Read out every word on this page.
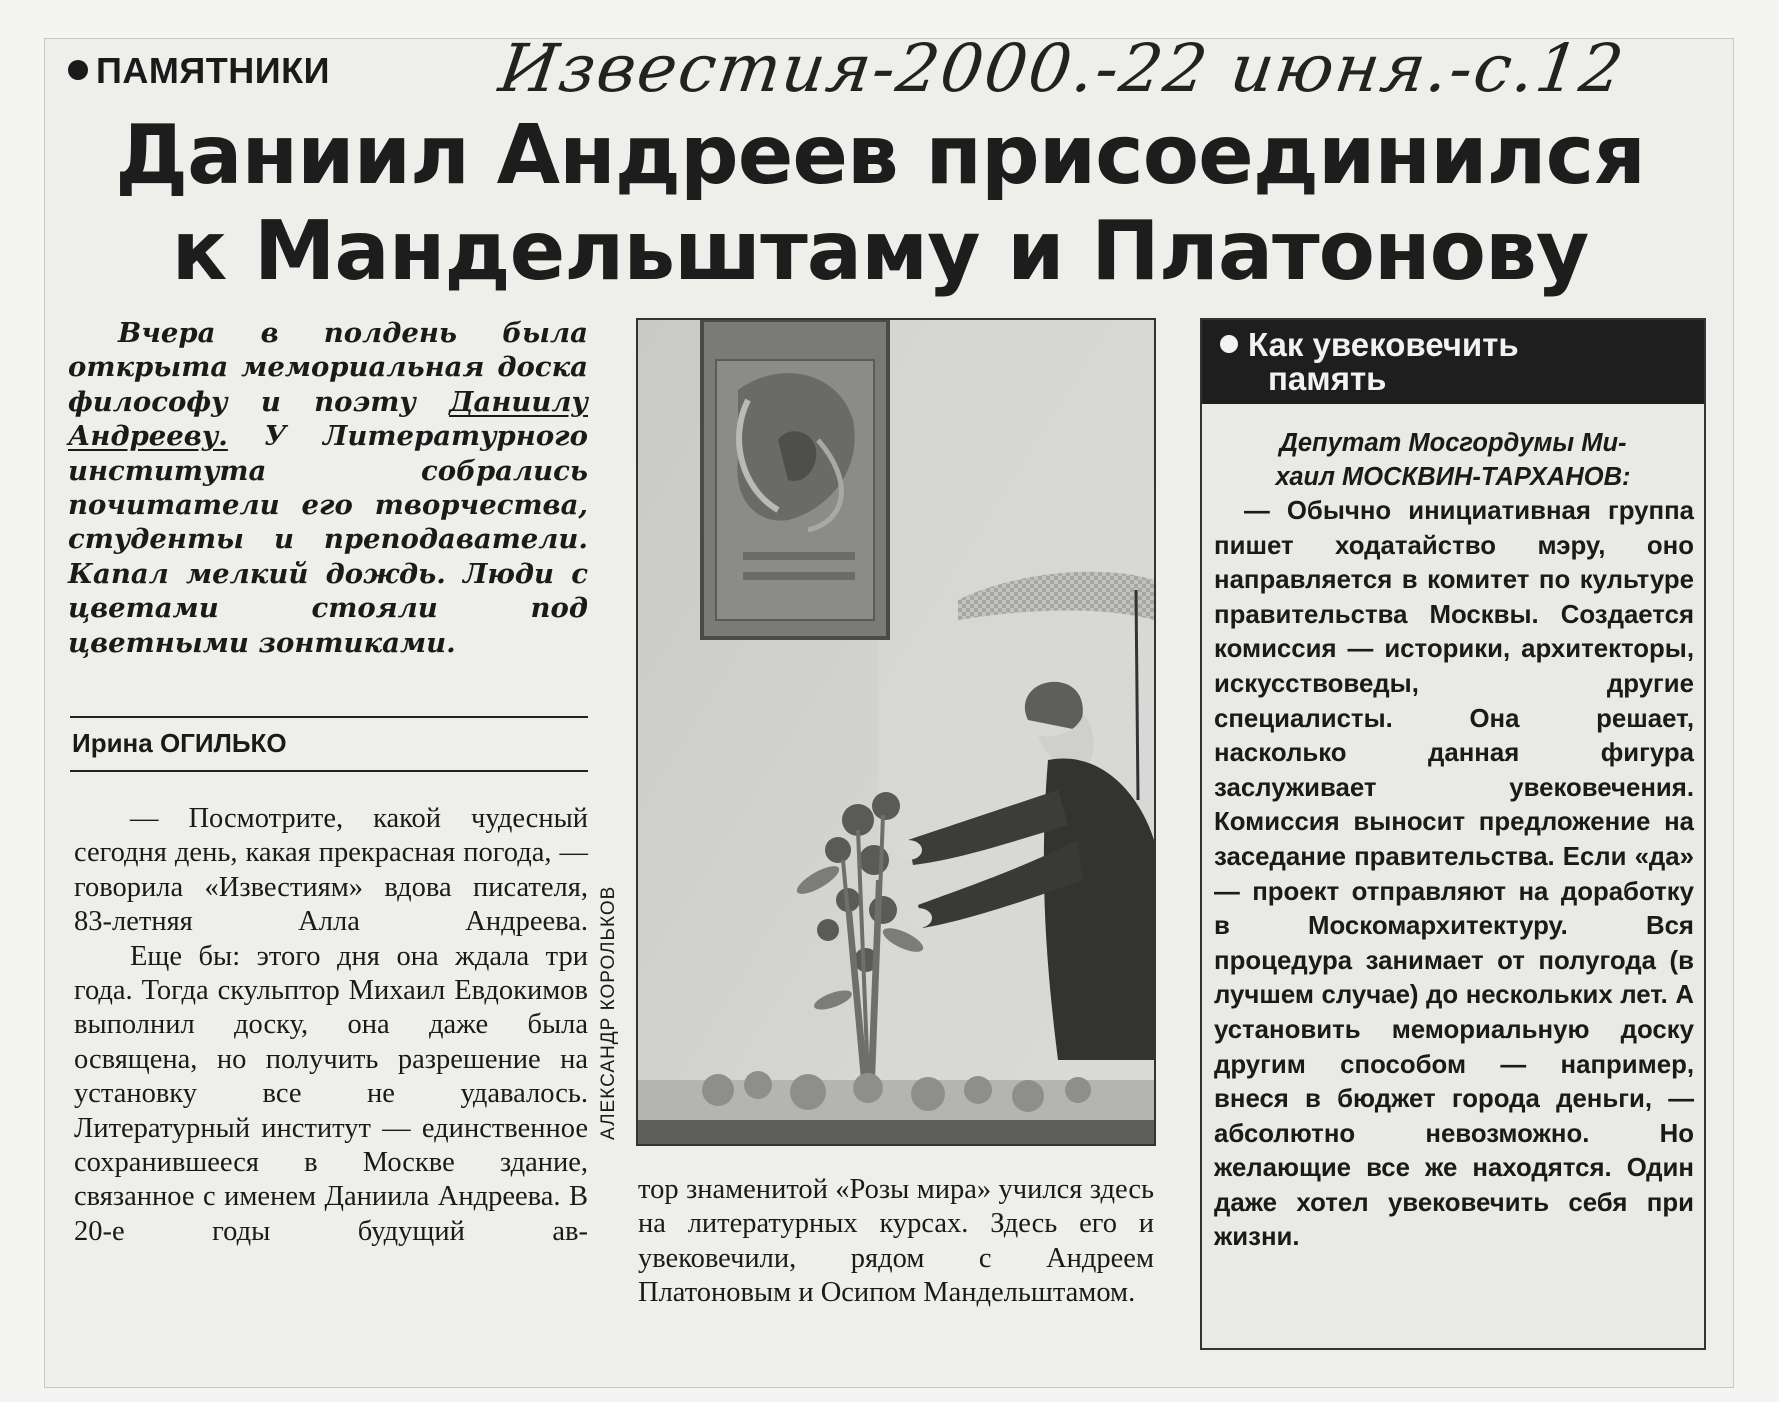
ПАМЯТНИКИ Известия-2000.-22 июня.-с.12
Даниил Андреев присоединился
к Мандельштаму и Платонову
Вчера в полдень была открыта мемориальная доска философу и поэту Даниилу Андрееву. У Литературного института собрались почитатели его творчества, студенты и преподаватели. Капал мелкий дождь. Люди с цветами стояли под цветными зонтиками.
Ирина ОГИЛЬКО
— Посмотрите, какой чудесный сегодня день, какая прекрасная погода, — говорила «Известиям» вдова писателя, 83-летняя Алла Андреева.
Еще бы: этого дня она ждала три года. Тогда скульптор Михаил Евдокимов выполнил доску, она даже была освящена, но получить разрешение на установку все не удавалось. Литературный институт — единственное сохранившееся в Москве здание, связанное с именем Даниила Андреева. В 20-е годы будущий ав-
АЛЕКСАНДР КОРОЛЬКОВ
тор знаменитой «Розы мира» учился здесь на литературных курсах. Здесь его и увековечили, рядом с Андреем Платоновым и Осипом Мандельштамом.
Как увековечить
память
Депутат Мосгордумы Ми-
хаил МОСКВИН-ТАРХАНОВ:
— Обычно инициативная группа пишет ходатайство мэру, оно направляется в комитет по культуре правительства Москвы. Создается комиссия — историки, архитекторы, искусствоведы, другие специалисты. Она решает, насколько данная фигура заслуживает увековечения. Комиссия выносит предложение на заседание правительства. Если «да» — проект отправляют на доработку в Москомархитектуру. Вся процедура занимает от полугода (в лучшем случае) до нескольких лет. А установить мемориальную доску другим способом — например, внеся в бюджет города деньги, — абсолютно невозможно. Но желающие все же находятся. Один даже хотел увековечить себя при жизни.
